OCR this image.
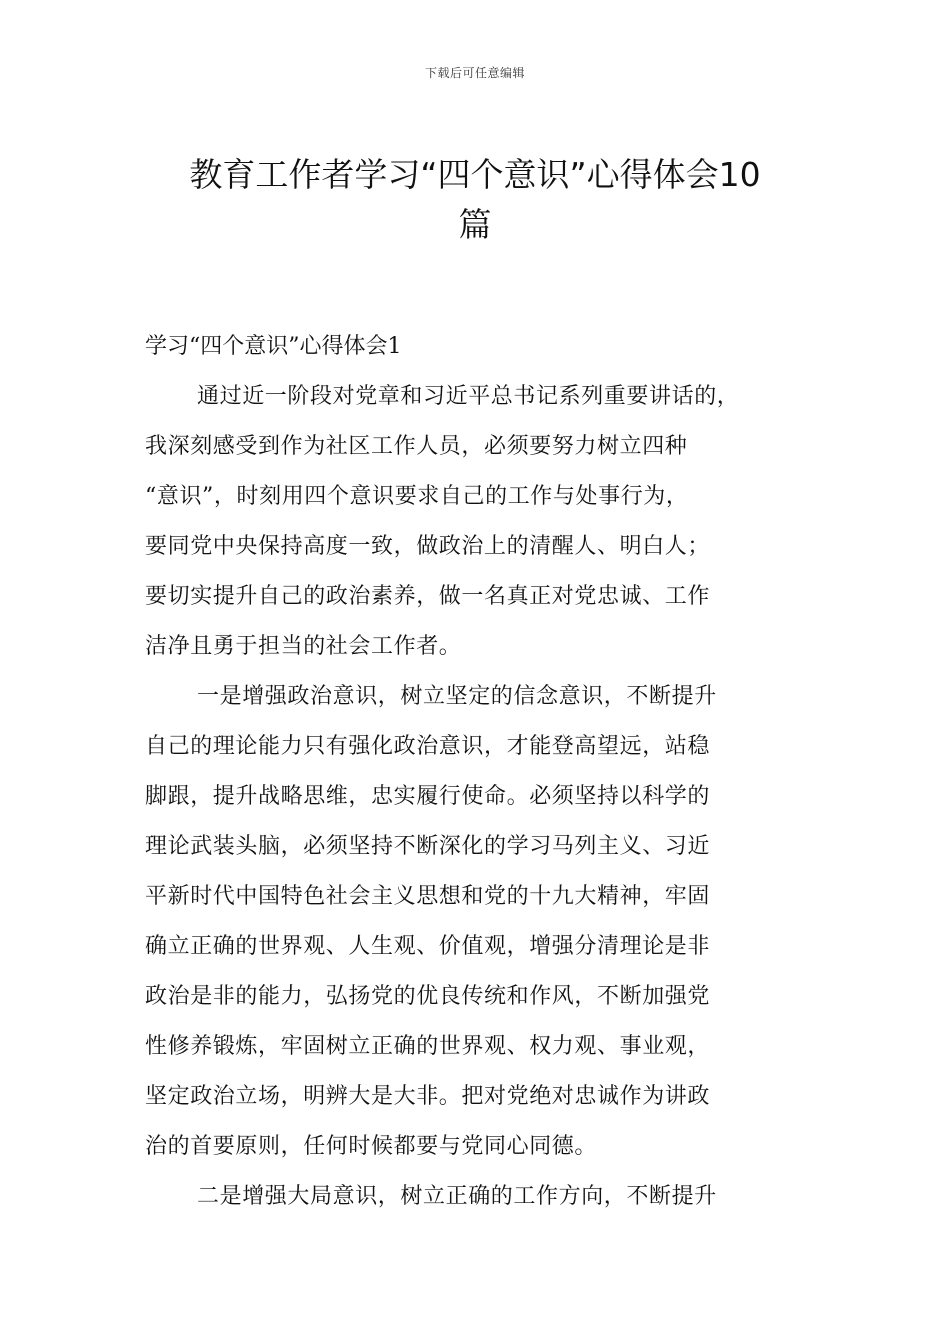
下载后可任意编辑
教育工作者学习“四个意识”心得体会10
篇
学习“四个意识”心得体会1
通过近一阶段对党章和习近平总书记系列重要讲话的，
我深刻感受到作为社区工作人员，必须要努力树立四种
“意识”，时刻用四个意识要求自己的工作与处事行为，
要同党中央保持高度一致，做政治上的清醒人、明白人；
要切实提升自己的政治素养，做一名真正对党忠诚、工作
洁净且勇于担当的社会工作者。
一是增强政治意识，树立坚定的信念意识，不断提升
自己的理论能力只有强化政治意识，才能登高望远，站稳
脚跟，提升战略思维，忠实履行使命。必须坚持以科学的
理论武装头脑，必须坚持不断深化的学习马列主义、习近
平新时代中国特色社会主义思想和党的十九大精神，牢固
确立正确的世界观、人生观、价值观，增强分清理论是非
政治是非的能力，弘扬党的优良传统和作风，不断加强党
性修养锻炼，牢固树立正确的世界观、权力观、事业观，
坚定政治立场，明辨大是大非。把对党绝对忠诚作为讲政
治的首要原则，任何时候都要与党同心同德。
二是增强大局意识，树立正确的工作方向，不断提升
